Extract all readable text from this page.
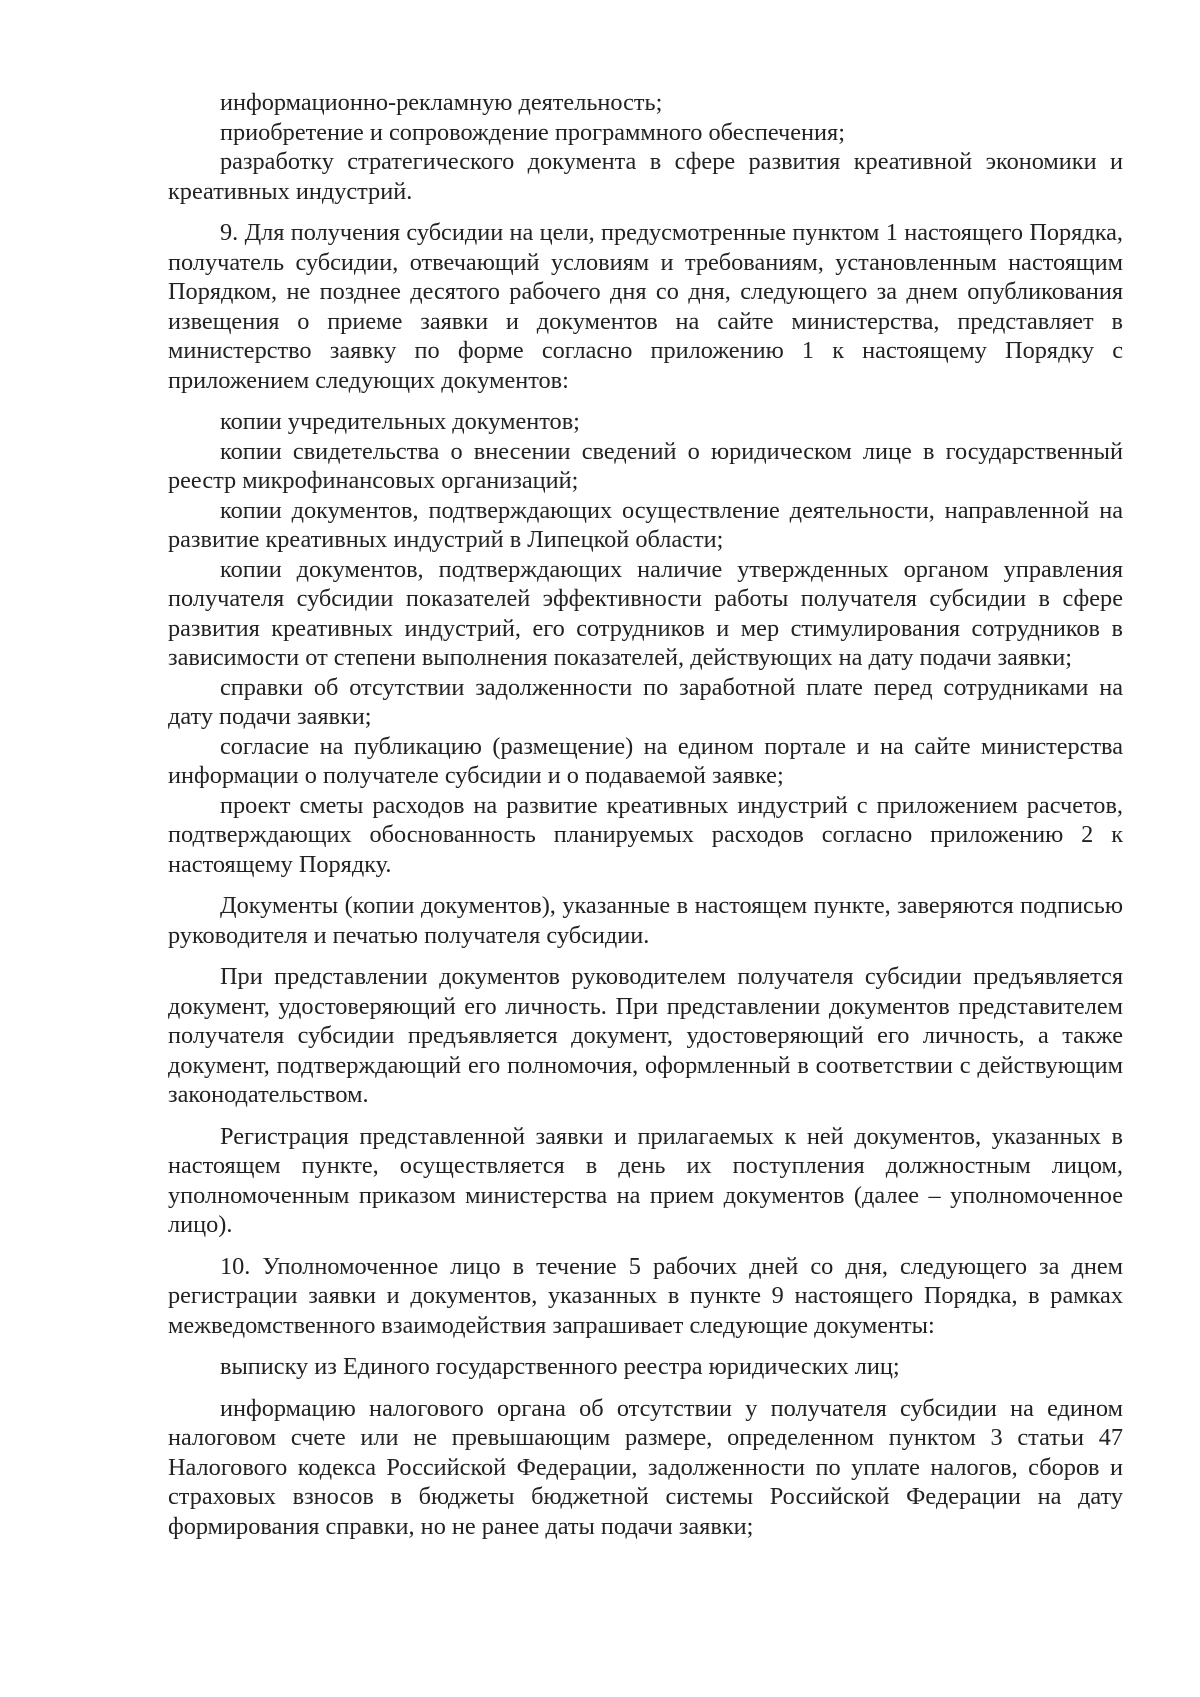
информационно-рекламную деятельность;

приобретение и сопровождение программного обеспечения;

разработку стратегического документа в сфере развития креативной экономики и креативных индустрий.

9. Для получения субсидии на цели, предусмотренные пунктом 1 настоящего Порядка, получатель субсидии, отвечающий условиям и требованиям, установленным настоящим Порядком, не позднее десятого рабочего дня со дня, следующего за днем опубликования извещения о приеме заявки и документов на сайте министерства, представляет в министерство заявку по форме согласно приложению 1 к настоящему Порядку с приложением следующих документов:

копии учредительных документов;

копии свидетельства о внесении сведений о юридическом лице в государственный реестр микрофинансовых организаций;

копии документов, подтверждающих осуществление деятельности, направленной на развитие креативных индустрий в Липецкой области;

копии документов, подтверждающих наличие утвержденных органом управления получателя субсидии показателей эффективности работы получателя субсидии в сфере развития креативных индустрий, его сотрудников и мер стимулирования сотрудников в зависимости от степени выполнения показателей, действующих на дату подачи заявки;

справки об отсутствии задолженности по заработной плате перед сотрудниками на дату подачи заявки;

согласие на публикацию (размещение) на едином портале и на сайте министерства информации о получателе субсидии и о подаваемой заявке;

проект сметы расходов на развитие креативных индустрий с приложением расчетов, подтверждающих обоснованность планируемых расходов согласно приложению 2 к настоящему Порядку.

Документы (копии документов), указанные в настоящем пункте, заверяются подписью руководителя и печатью получателя субсидии.

При представлении документов руководителем получателя субсидии предъявляется документ, удостоверяющий его личность. При представлении документов представителем получателя субсидии предъявляется документ, удостоверяющий его личность, а также документ, подтверждающий его полномочия, оформленный в соответствии с действующим законодательством.

Регистрация представленной заявки и прилагаемых к ней документов, указанных в настоящем пункте, осуществляется в день их поступления должностным лицом, уполномоченным приказом министерства на прием документов (далее – уполномоченное лицо).

10. Уполномоченное лицо в течение 5 рабочих дней со дня, следующего за днем регистрации заявки и документов, указанных в пункте 9 настоящего Порядка, в рамках межведомственного взаимодействия запрашивает следующие документы:

выписку из Единого государственного реестра юридических лиц;

информацию налогового органа об отсутствии у получателя субсидии на едином налоговом счете или не превышающим размере, определенном пунктом 3 статьи 47 Налогового кодекса Российской Федерации, задолженности по уплате налогов, сборов и страховых взносов в бюджеты бюджетной системы Российской Федерации на дату формирования справки, но не ранее даты подачи заявки;
